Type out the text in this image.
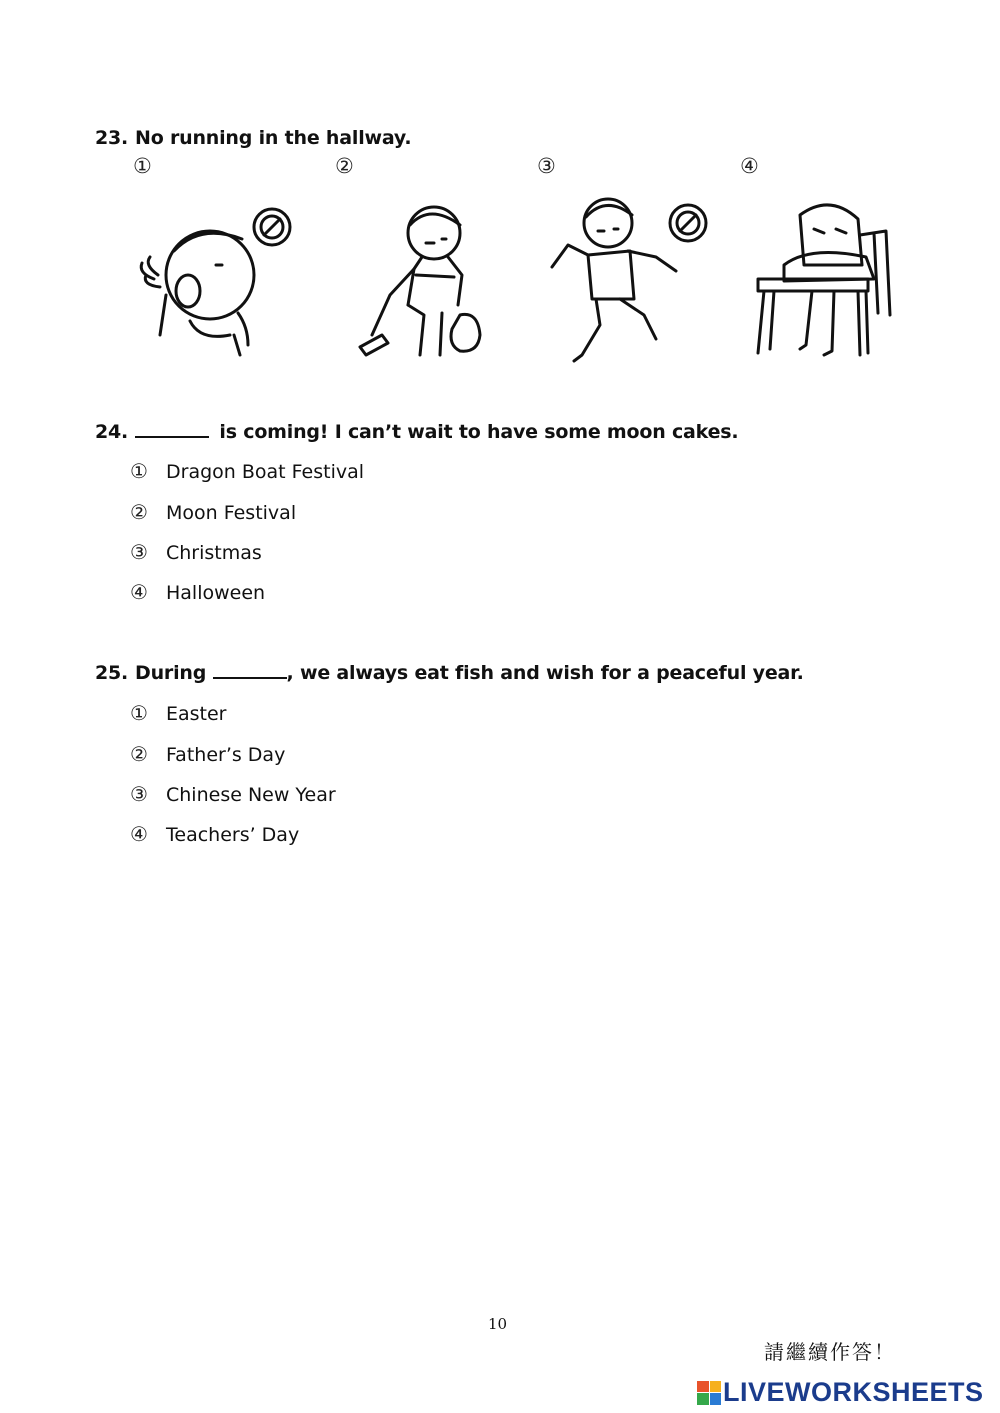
23. No running in the hallway.
①	②	③	④
24.	is coming! I can’t wait to have some moon cakes.
① Dragon Boat Festival
② Moon Festival
③ Christmas
④ Halloween
25. During	, we always eat fish and wish for a peaceful year.
① Easter
② Father’s Day
③ Chinese New Year
④ Teachers’ Day
10
請繼續作答！
LIVEWORKSHEETS
